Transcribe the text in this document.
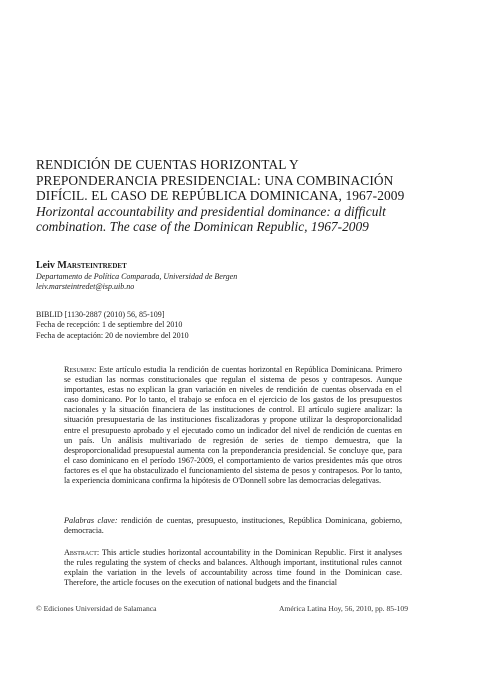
RENDICIÓN DE CUENTAS HORIZONTAL Y
PREPONDERANCIA PRESIDENCIAL: UNA COMBINACIÓN
DIFÍCIL. EL CASO DE REPÚBLICA DOMINICANA, 1967-2009
Horizontal accountability and presidential dominance: a difficult
combination. The case of the Dominican Republic, 1967-2009
Leiv Marsteintredet
Departamento de Política Comparada, Universidad de Bergen
leiv.marsteintredet@isp.uib.no
BIBLID [1130-2887 (2010) 56, 85-109]
Fecha de recepción: 1 de septiembre del 2010
Fecha de aceptación: 20 de noviembre del 2010
Resumen: Este artículo estudia la rendición de cuentas horizontal en República Dominicana. Primero se estudian las normas constitucionales que regulan el sistema de pesos y contrapesos. Aunque importantes, estas no explican la gran variación en niveles de rendición de cuentas observada en el caso dominicano. Por lo tanto, el trabajo se enfoca en el ejercicio de los gastos de los presupuestos nacionales y la situación financiera de las instituciones de control. El artículo sugiere analizar: la situación presupuestaria de las instituciones fiscalizadoras y propone utilizar la desproporcionalidad entre el presupuesto aprobado y el ejecutado como un indicador del nivel de rendición de cuentas en un país. Un análisis multivariado de regresión de series de tiempo demuestra, que la desproporcionalidad presupuestal aumenta con la preponderancia presidencial. Se concluye que, para el caso dominicano en el período 1967-2009, el comportamiento de varios presidentes más que otros factores es el que ha obstaculizado el funcionamiento del sistema de pesos y contrapesos. Por lo tanto, la experiencia dominicana confirma la hipótesis de O'Donnell sobre las democracias delegativas.
Palabras clave: rendición de cuentas, presupuesto, instituciones, República Dominicana, gobierno, democracia.
Abstract: This article studies horizontal accountability in the Dominican Republic. First it analyses the rules regulating the system of checks and balances. Although important, institutional rules cannot explain the variation in the levels of accountability across time found in the Dominican case. Therefore, the article focuses on the execution of national budgets and the financial
© Ediciones Universidad de Salamanca	América Latina Hoy, 56, 2010, pp. 85-109
